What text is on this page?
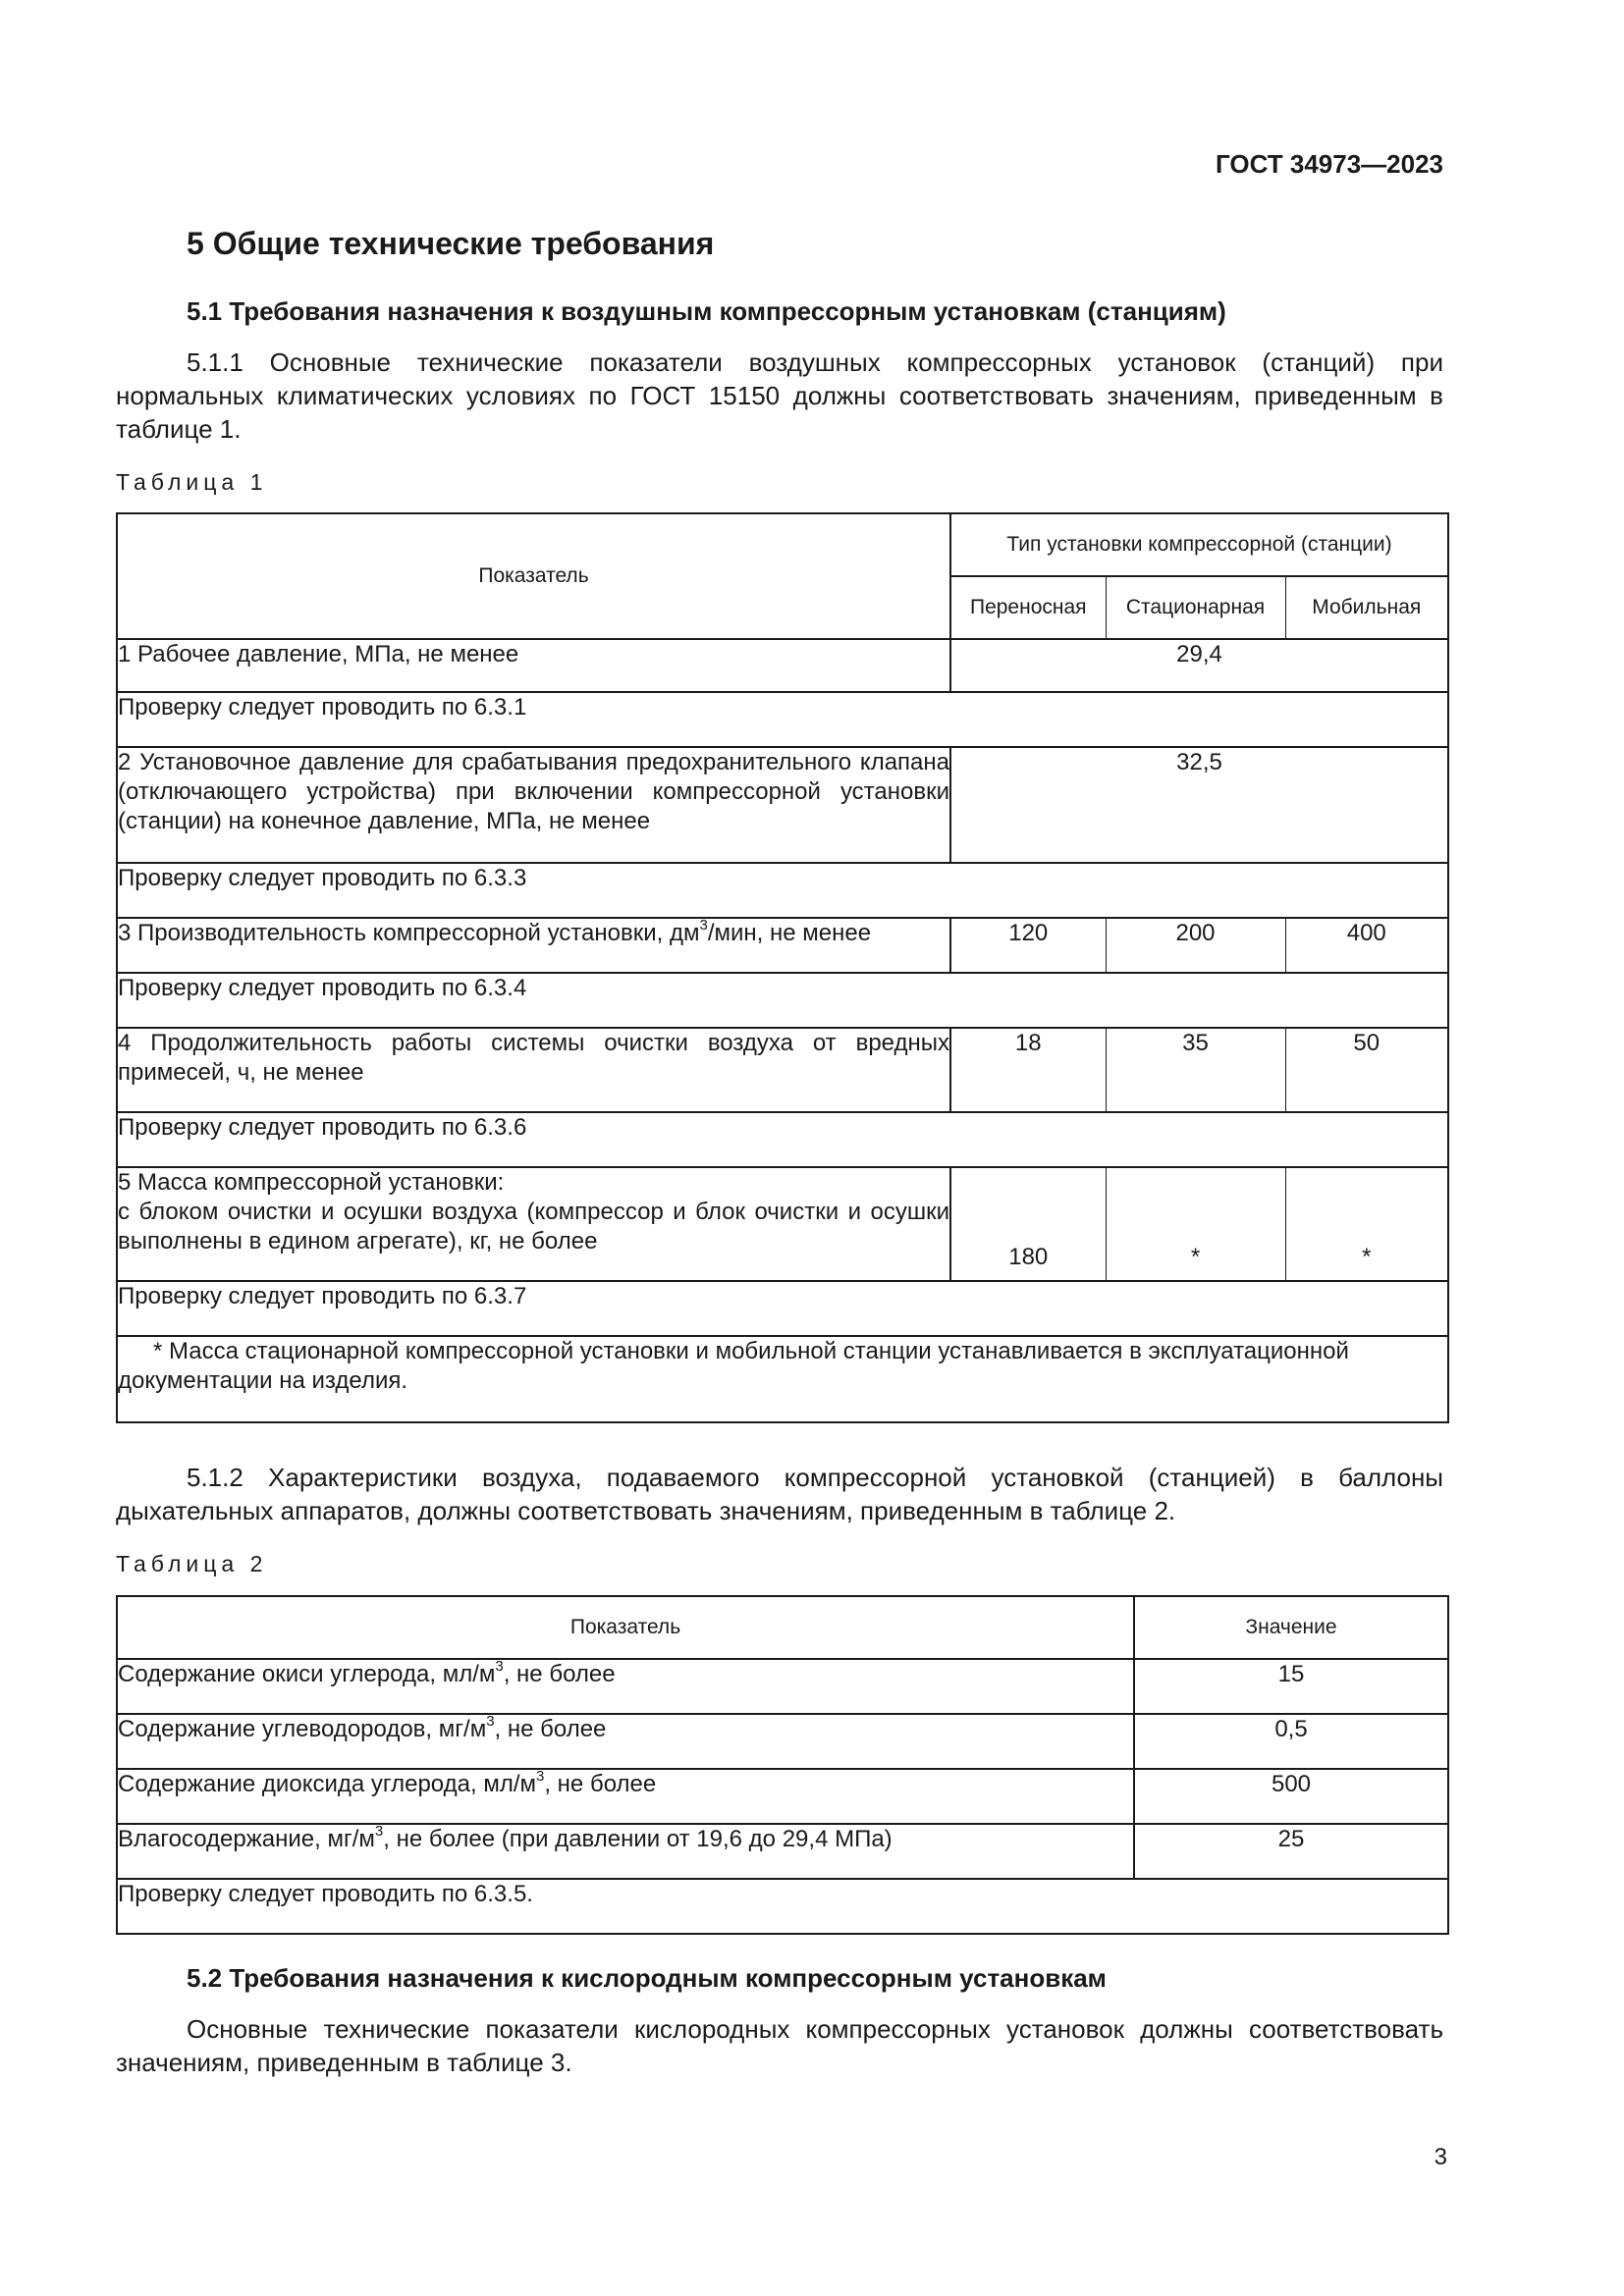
ГОСТ 34973—2023
5 Общие технические требования
5.1 Требования назначения к воздушным компрессорным установкам (станциям)

5.1.1 Основные технические показатели воздушных компрессорных установок (станций) при нормальных климатических условиях по ГОСТ 15150 должны соответствовать значениям, приведенным в таблице 1.

Таблица 1
Показатель	Тип установки компрессорной (станции)		
	Переносная	Стационарная	Мобильная
1 Рабочее давление, МПа, не менее	29,4		
Проверку следует проводить по 6.3.1			
2 Установочное давление для срабатывания предохранительного клапана (отключающего устройства) при включении компрессорной установки (станции) на конечное давление, МПа, не менее	32,5		
Проверку следует проводить по 6.3.3			
3 Производительность компрессорной установки, $дм^3$/мин, не менее	120	200	400
Проверку следует проводить по 6.3.4			
4 Продолжительность работы системы очистки воздуха от вредных примесей, ч, не менее	18	35	50
Проверку следует проводить по 6.3.6			

5 Масса компрессорной установки:
с блоком очистки и осушки воздуха (компрессор и блок очистки и осушки выполнены в едином агрегате), кг, не более	180	*	*
Проверку следует проводить по 6.3.7			

* Масса стационарной компрессорной установки и мобильной станции устанавливается в эксплуатационной документации на изделия.			

5.1.2 Характеристики воздуха, подаваемого компрессорной установкой (станцией) в баллоны дыхательных аппаратов, должны соответствовать значениям, приведенным в таблице 2.

Таблица 2
Показатель	Значение
Содержание окиси углерода, $мл/м^3$, не более	15
Содержание углеводородов, $мг/м^3$, не более	0,5
Содержание диоксида углерода, $мл/м^3$, не более	500
Влагосодержание, $мг/м^3$, не более (при давлении от 19,6 до 29,4 МПа)	25
Проверку следует проводить по 6.3.5.	
5.2 Требования назначения к кислородным компрессорным установкам

Основные технические показатели кислородных компрессорных установок должны соответствовать значениям, приведенным в таблице 3.

3
